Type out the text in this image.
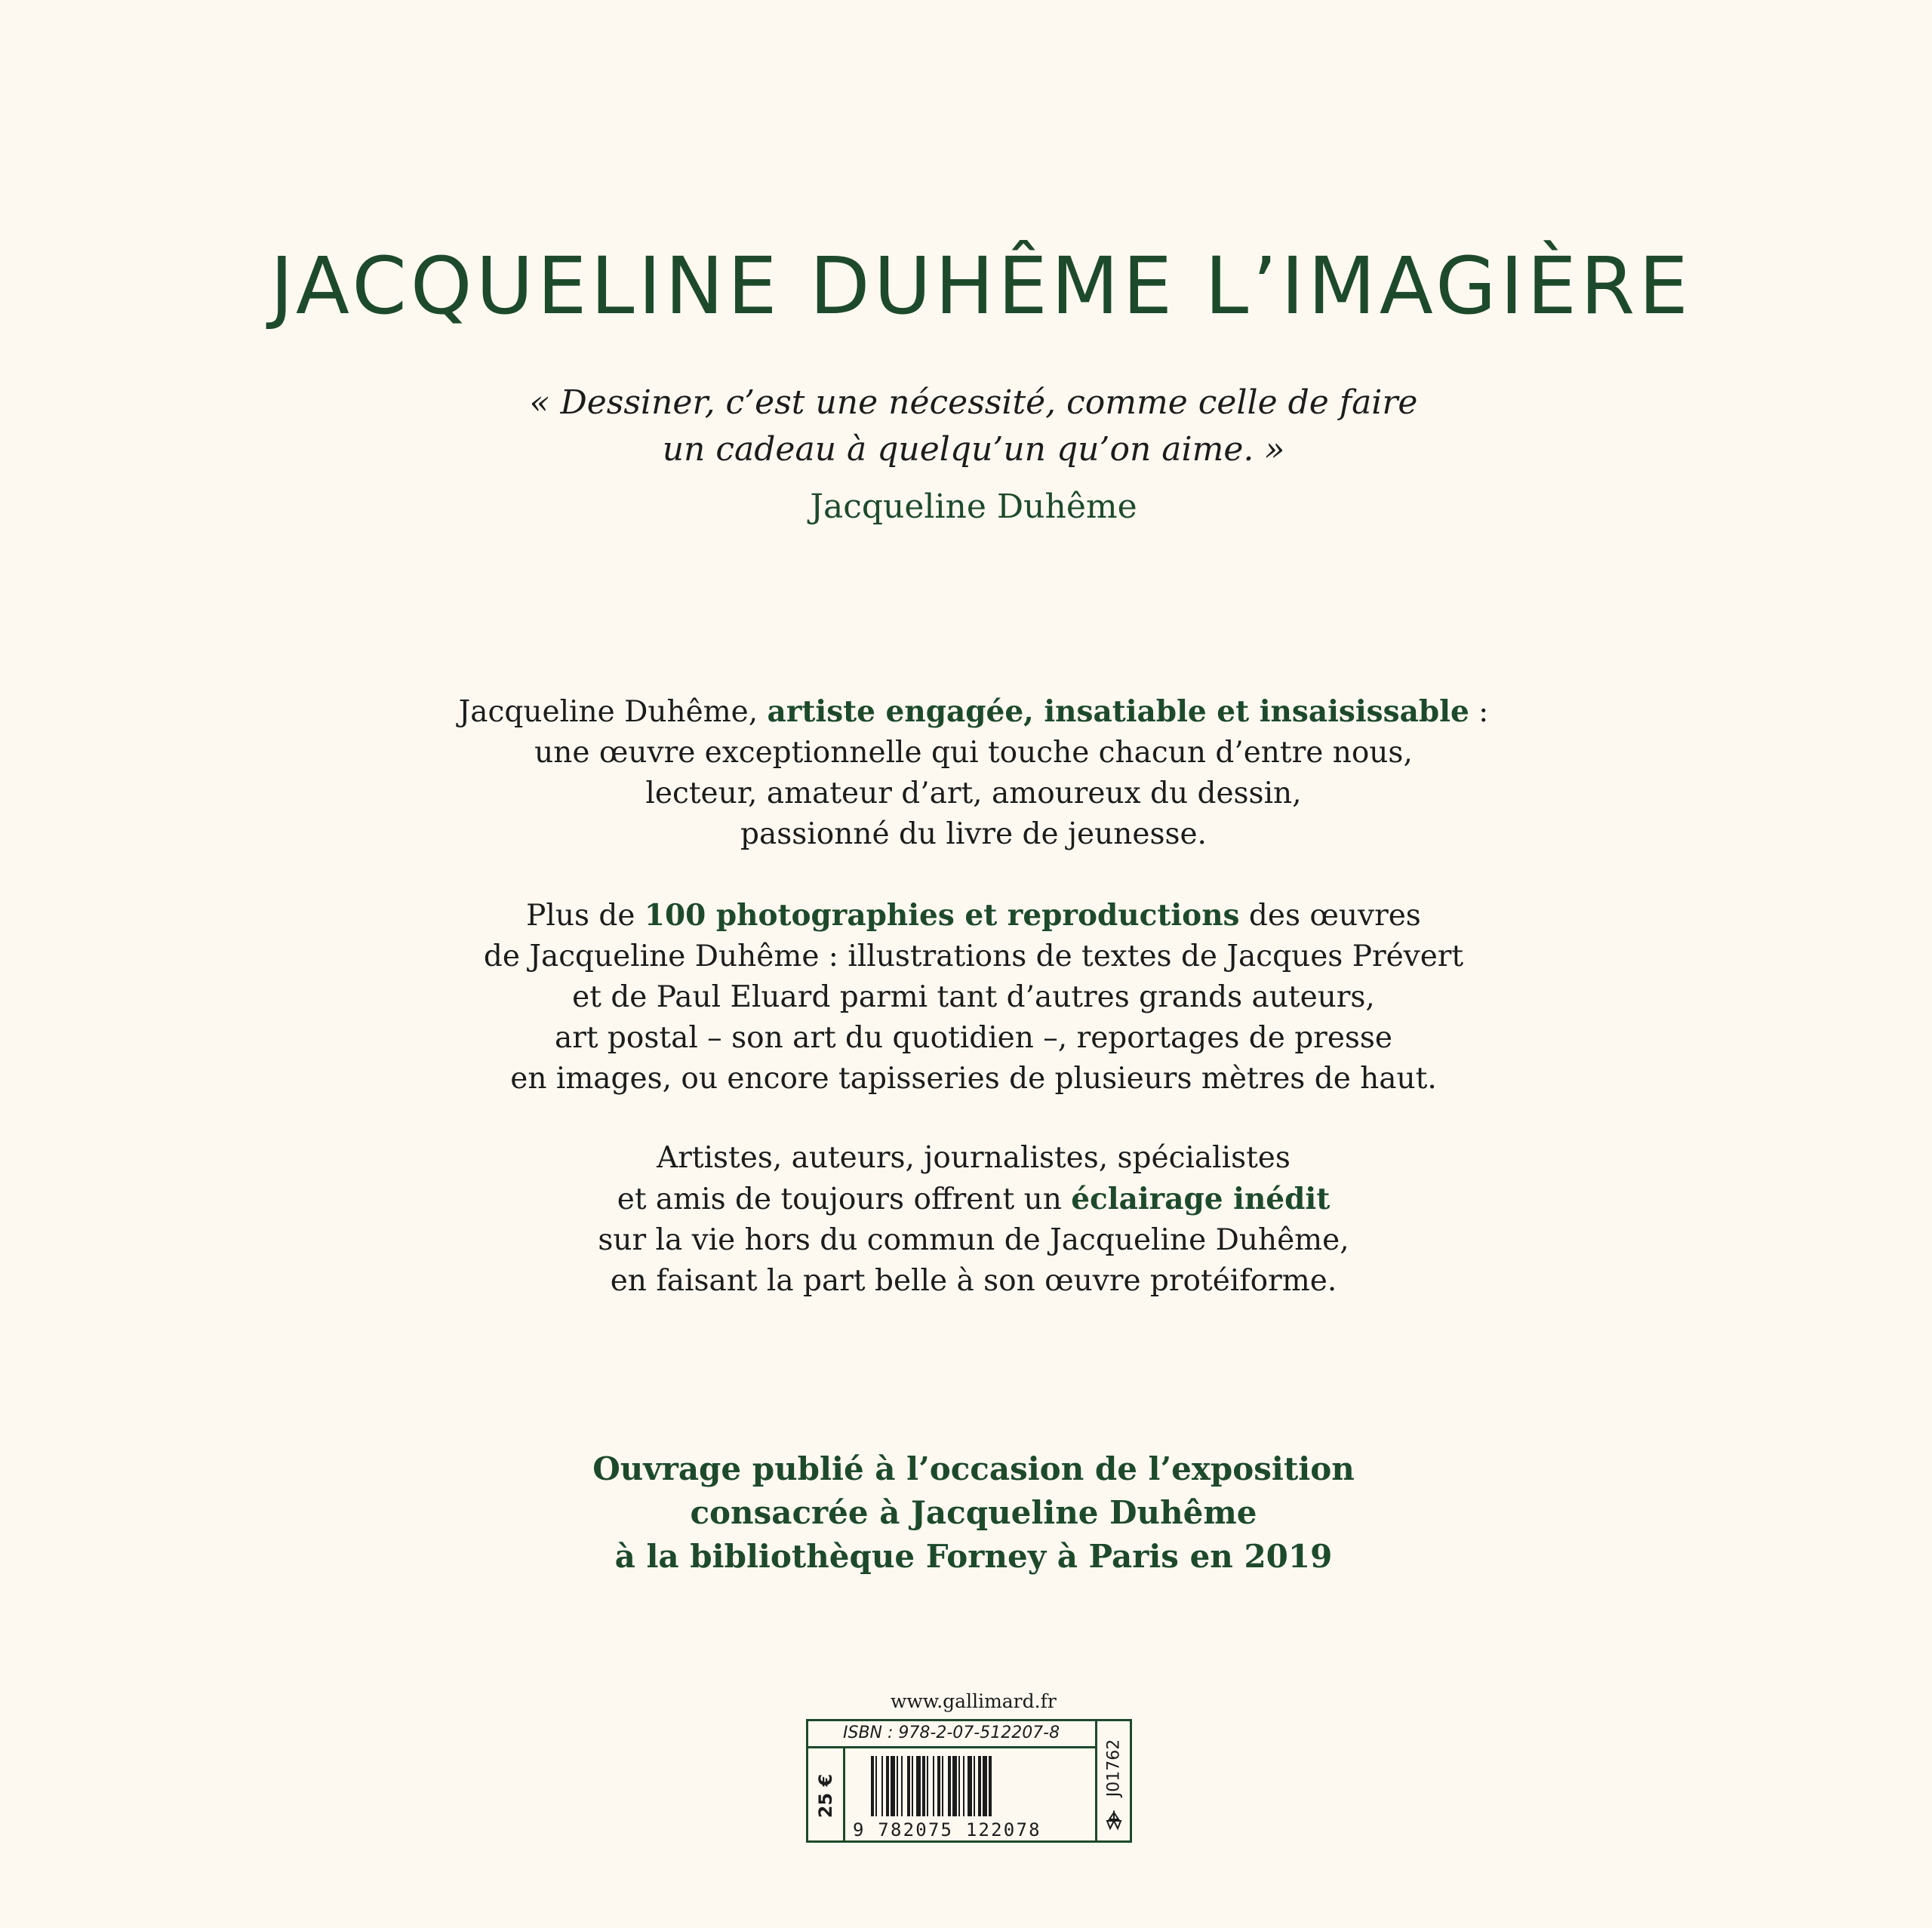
JACQUELINE DUHÊME L’IMAGIÈRE

« Dessiner, c’est une nécessité, comme celle de faire

un cadeau à quelqu’un qu’on aime. »

Jacqueline Duhême

Jacqueline Duhême, artiste engagée, insatiable et insaisissable :

une œuvre exceptionnelle qui touche chacun d’entre nous,

lecteur, amateur d’art, amoureux du dessin,

passionné du livre de jeunesse.

Plus de 100 photographies et reproductions des œuvres

de Jacqueline Duhême : illustrations de textes de Jacques Prévert

et de Paul Eluard parmi tant d’autres grands auteurs,

art postal – son art du quotidien –, reportages de presse

en images, ou encore tapisseries de plusieurs mètres de haut.

Artistes, auteurs, journalistes, spécialistes

et amis de toujours offrent un éclairage inédit

sur la vie hors du commun de Jacqueline Duhême,

en faisant la part belle à son œuvre protéiforme.

Ouvrage publié à l’occasion de l’exposition

consacrée à Jacqueline Duhême

à la bibliothèque Forney à Paris en 2019

www.gallimard.fr
ISBN : 978-2-07-512207-8
25 €
9 782075 122078
J01762
